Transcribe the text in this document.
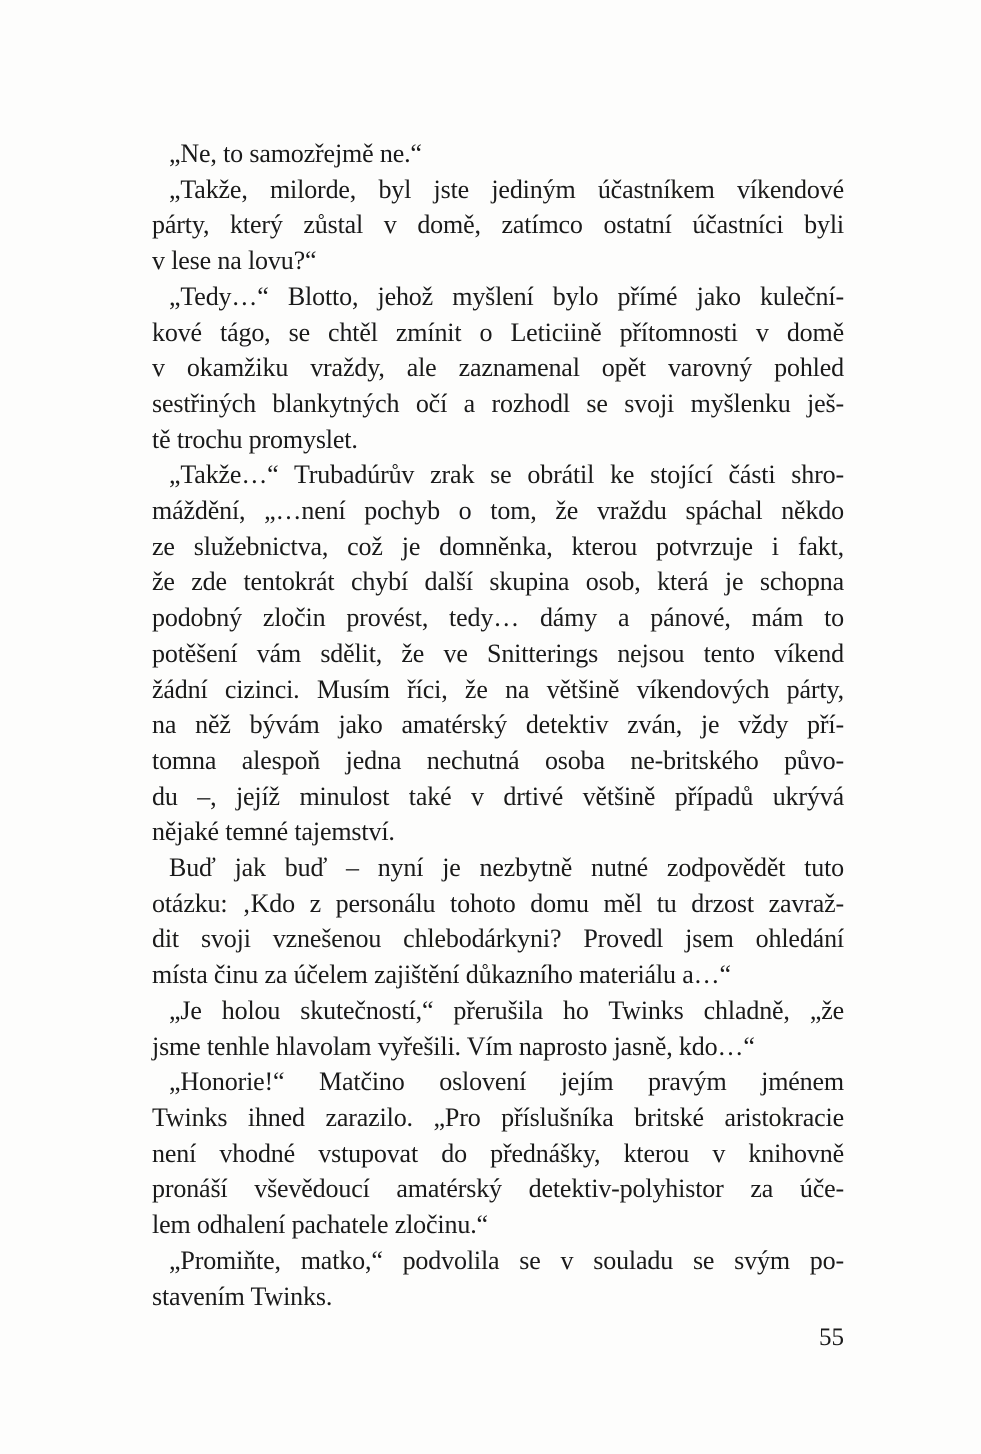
„Ne, to samozřejmě ne.“
„Takže, milorde, byl jste jediným účastníkem víkendové
párty, který zůstal v domě, zatímco ostatní účastníci byli
v lese na lovu?“
„Tedy…“ Blotto, jehož myšlení bylo přímé jako kuleční-
kové tágo, se chtěl zmínit o Leticiině přítomnosti v domě
v okamžiku vraždy, ale zaznamenal opět varovný pohled
sestřiných blankytných očí a rozhodl se svoji myšlenku ješ-
tě trochu promyslet.
„Takže…“ Trubadúrův zrak se obrátil ke stojící části shro-
máždění, „…není pochyb o tom, že vraždu spáchal někdo
ze služebnictva, což je domněnka, kterou potvrzuje i fakt,
že zde tentokrát chybí další skupina osob, která je schopna
podobný zločin provést, tedy… dámy a pánové, mám to
potěšení vám sdělit, že ve Snitterings nejsou tento víkend
žádní cizinci. Musím říci, že na většině víkendových párty,
na něž bývám jako amatérský detektiv zván, je vždy pří-
tomna alespoň jedna nechutná osoba ne-britského půvo-
du –, jejíž minulost také v drtivé většině případů ukrývá
nějaké temné tajemství.
Buď jak buď – nyní je nezbytně nutné zodpovědět tuto
otázku: ‚Kdo z personálu tohoto domu měl tu drzost zavraž-
dit svoji vznešenou chlebodárkyni? Provedl jsem ohledání
místa činu za účelem zajištění důkazního materiálu a…“
„Je holou skutečností,“ přerušila ho Twinks chladně, „že
jsme tenhle hlavolam vyřešili. Vím naprosto jasně, kdo…“
„Honorie!“ Matčino oslovení jejím pravým jménem
Twinks ihned zarazilo. „Pro příslušníka britské aristokracie
není vhodné vstupovat do přednášky, kterou v knihovně
pronáší vševědoucí amatérský detektiv-polyhistor za úče-
lem odhalení pachatele zločinu.“
„Promiňte, matko,“ podvolila se v souladu se svým po-
stavením Twinks.
55
